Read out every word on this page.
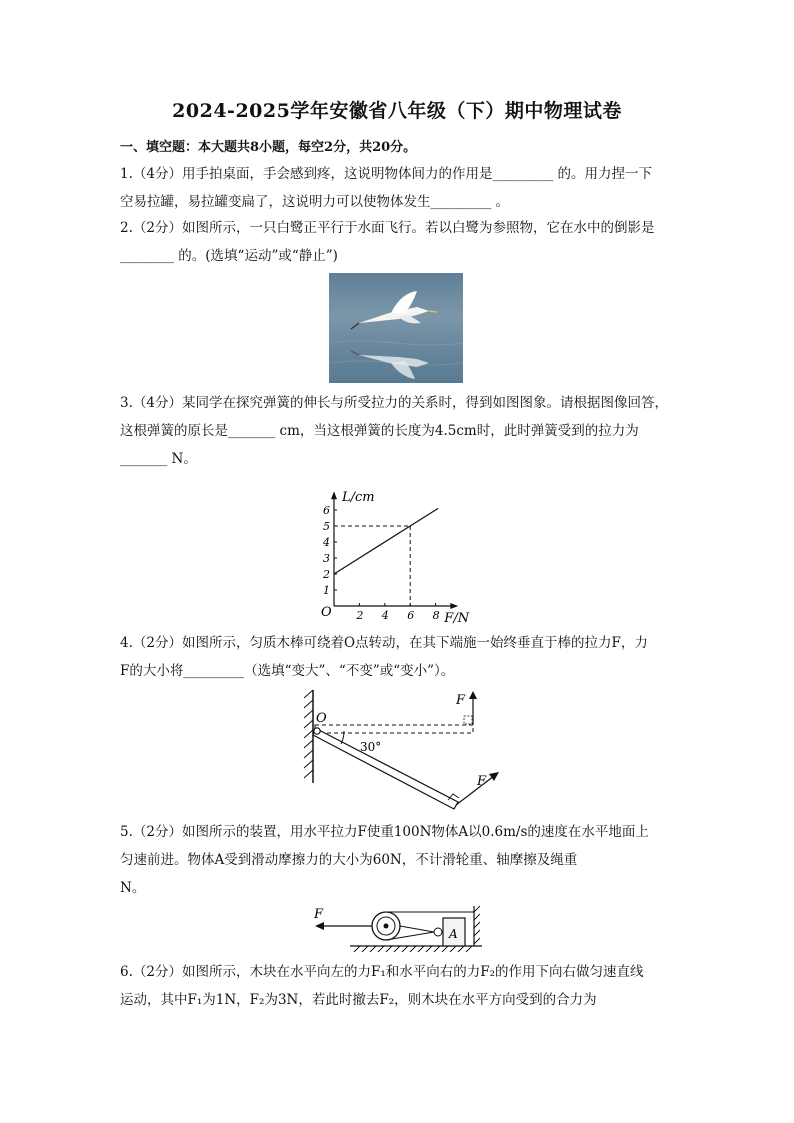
2024-2025学年安徽省八年级（下）期中物理试卷
一、填空题：本大题共8小题，每空2分，共20分。
1.（4分）用手拍桌面，手会感到疼，这说明物体间力的作用是_________ 的。用力捏一下
空易拉罐，易拉罐变扁了，这说明力可以使物体发生_________ 。
2.（2分）如图所示，一只白鹭正平行于水面飞行。若以白鹭为参照物，它在水中的倒影是
________ 的。(选填“运动”或“静止”)
3.（4分）某同学在探究弹簧的伸长与所受拉力的关系时，得到如图图象。请根据图像回答，
这根弹簧的原长是_______ cm，当这根弹簧的长度为4.5cm时，此时弹簧受到的拉力为
_______ N。
2 4 6 8
1
2
3
4
5
6
O
L/cm
F/N
4.（2分）如图所示，匀质木棒可绕着O点转动，在其下端施一始终垂直于棒的拉力F，力
F的大小将_________（选填“变大”、“不变”或“变小”）。
O
30°
F
F
5.（2分）如图所示的装置，用水平拉力F使重100N物体A以0.6m/s的速度在水平地面上
匀速前进。物体A受到滑动摩擦力的大小为60N，不计滑轮重、轴摩擦及绳重
N。
A
F
6.（2分）如图所示，木块在水平向左的力F₁和水平向右的力F₂的作用下向右做匀速直线
运动，其中F₁为1N，F₂为3N，若此时撤去F₂，则木块在水平方向受到的合力为
